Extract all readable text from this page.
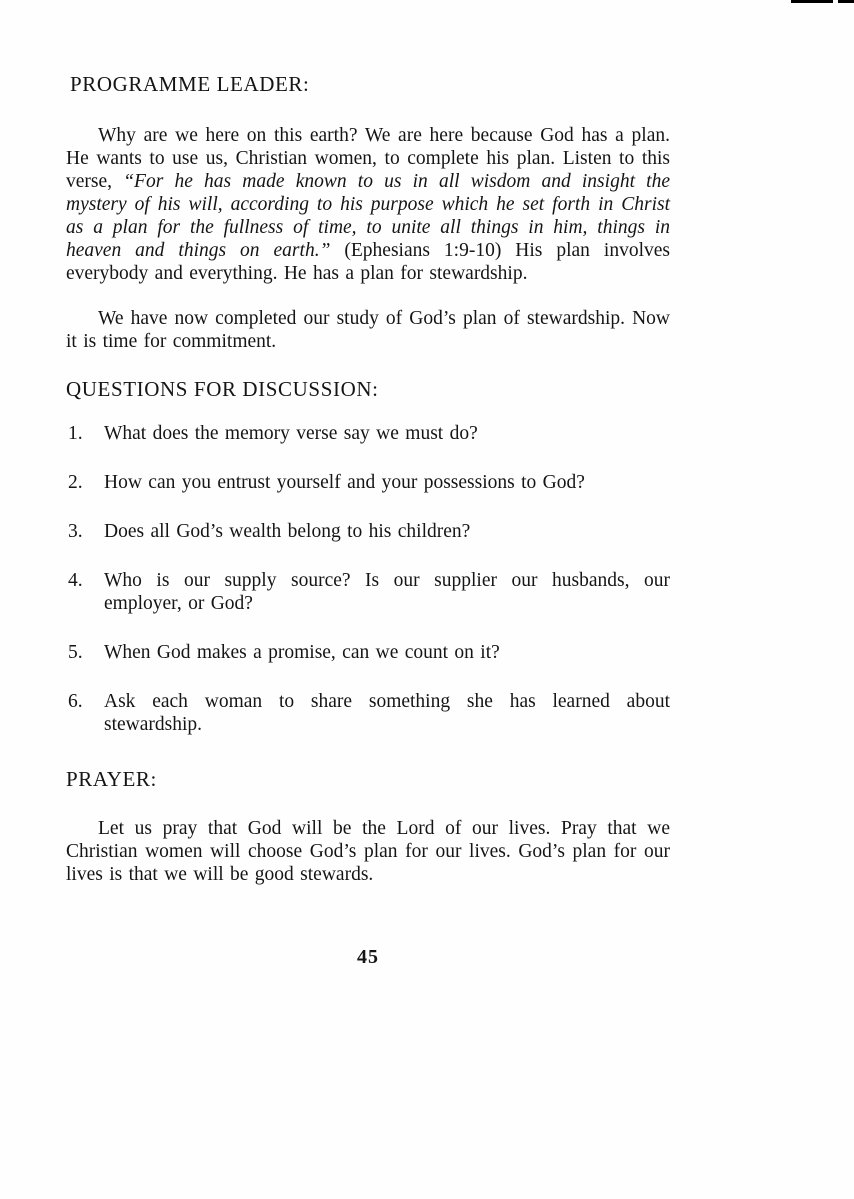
PROGRAMME LEADER:

Why are we here on this earth? We are here because God has a plan. He wants to use us, Christian women, to complete his plan. Listen to this verse, “For he has made known to us in all wisdom and insight the mystery of his will, according to his purpose which he set forth in Christ as a plan for the fullness of time, to unite all things in him, things in heaven and things on earth.” (Ephesians 1:9-10) His plan involves everybody and everything. He has a plan for stewardship.

We have now completed our study of God’s plan of stewardship. Now it is time for commitment.

QUESTIONS FOR DISCUSSION:
1. What does the memory verse say we must do?
2. How can you entrust yourself and your possessions to God?
3. Does all God’s wealth belong to his children?
4. Who is our supply source? Is our supplier our husbands, our employer, or God?
5. When God makes a promise, can we count on it?
6. Ask each woman to share something she has learned about stewardship.
PRAYER:

Let us pray that God will be the Lord of our lives. Pray that we Christian women will choose God’s plan for our lives. God’s plan for our lives is that we will be good stewards.

45
